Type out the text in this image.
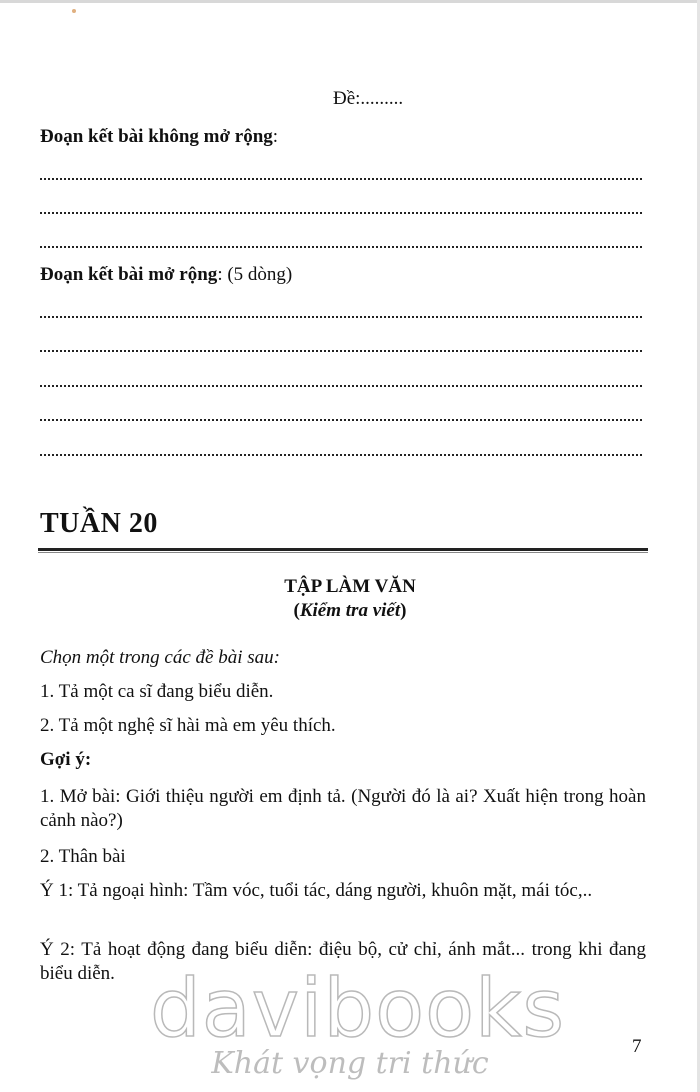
Đề:.........
Đoạn kết bài không mở rộng:
Đoạn kết bài mở rộng: (5 dòng)
TUẦN 20
TẬP LÀM VĂN
(Kiểm tra viết)
Chọn một trong các đề bài sau:
1. Tả một ca sĩ đang biểu diễn.
2. Tả một nghệ sĩ hài mà em yêu thích.
Gợi ý:
1. Mở bài: Giới thiệu người em định tả. (Người đó là ai? Xuất hiện trong hoàn cảnh nào?)
2. Thân bài
Ý 1: Tả ngoại hình: Tầm vóc, tuổi tác, dáng người, khuôn mặt, mái tóc,..
Ý 2: Tả hoạt động đang biểu diễn: điệu bộ, cử chỉ, ánh mắt... trong khi đang biểu diễn. davibooks
Khát vọng tri thức	7
